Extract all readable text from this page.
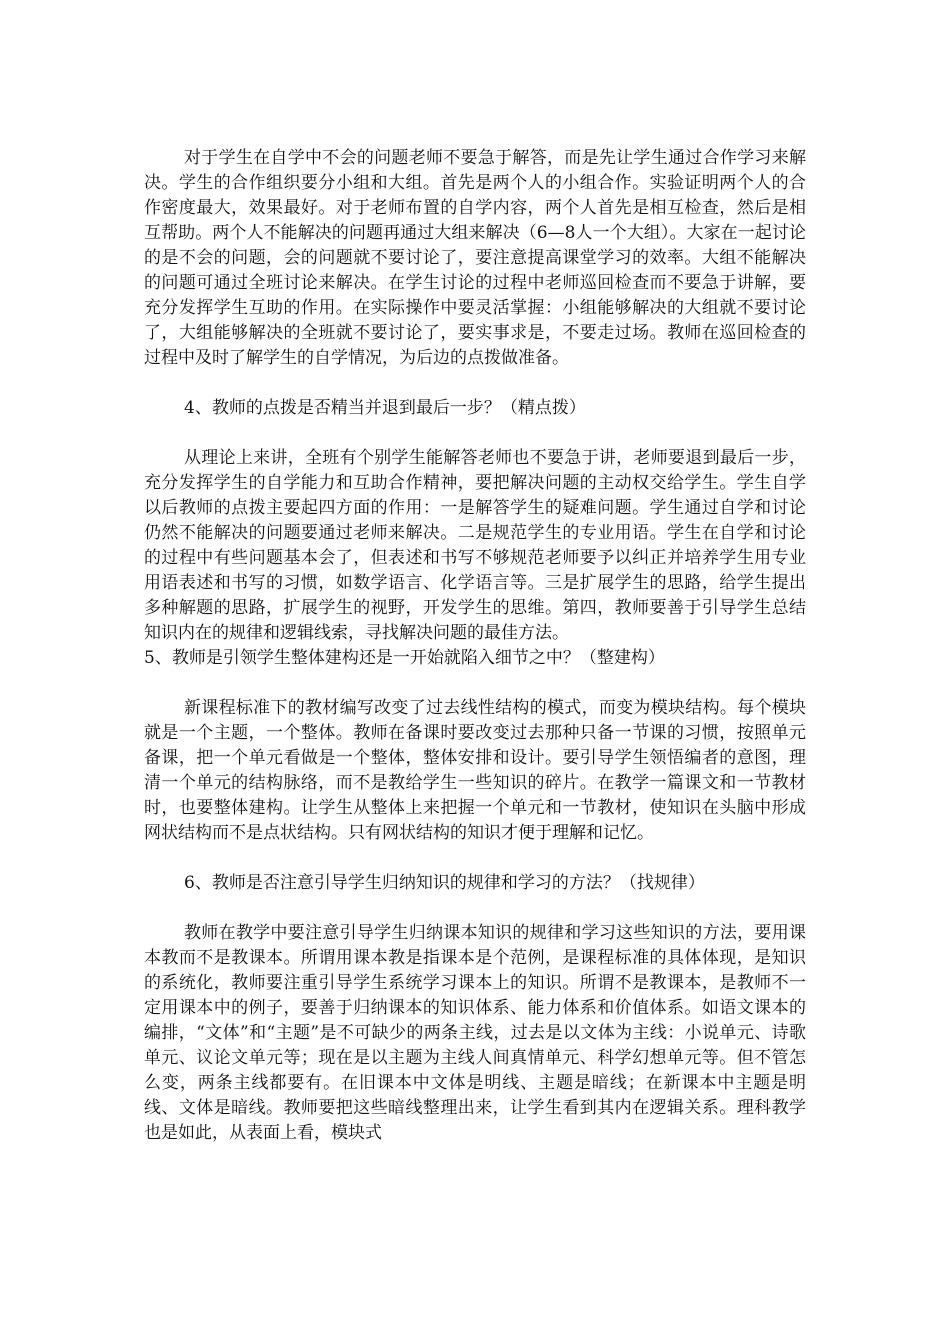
对于学生在自学中不会的问题老师不要急于解答，而是先让学生通过合作学习来解决。学生的合作组织要分小组和大组。首先是两个人的小组合作。实验证明两个人的合作密度最大，效果最好。对于老师布置的自学内容，两个人首先是相互检查，然后是相互帮助。两个人不能解决的问题再通过大组来解决（6—8人一个大组）。大家在一起讨论的是不会的问题，会的问题就不要讨论了，要注意提高课堂学习的效率。大组不能解决的问题可通过全班讨论来解决。在学生讨论的过程中老师巡回检查而不要急于讲解，要充分发挥学生互助的作用。在实际操作中要灵活掌握：小组能够解决的大组就不要讨论了，大组能够解决的全班就不要讨论了，要实事求是，不要走过场。教师在巡回检查的过程中及时了解学生的自学情况，为后边的点拨做准备。

4、教师的点拨是否精当并退到最后一步？（精点拨）

从理论上来讲，全班有个别学生能解答老师也不要急于讲，老师要退到最后一步，充分发挥学生的自学能力和互助合作精神，要把解决问题的主动权交给学生。学生自学以后教师的点拨主要起四方面的作用：一是解答学生的疑难问题。学生通过自学和讨论仍然不能解决的问题要通过老师来解决。二是规范学生的专业用语。学生在自学和讨论的过程中有些问题基本会了，但表述和书写不够规范老师要予以纠正并培养学生用专业用语表述和书写的习惯，如数学语言、化学语言等。三是扩展学生的思路，给学生提出多种解题的思路，扩展学生的视野，开发学生的思维。第四，教师要善于引导学生总结知识内在的规律和逻辑线索，寻找解决问题的最佳方法。

5、教师是引领学生整体建构还是一开始就陷入细节之中？（整建构）

新课程标准下的教材编写改变了过去线性结构的模式，而变为模块结构。每个模块就是一个主题，一个整体。教师在备课时要改变过去那种只备一节课的习惯，按照单元备课，把一个单元看做是一个整体，整体安排和设计。要引导学生领悟编者的意图，理清一个单元的结构脉络，而不是教给学生一些知识的碎片。在教学一篇课文和一节教材时，也要整体建构。让学生从整体上来把握一个单元和一节教材，使知识在头脑中形成网状结构而不是点状结构。只有网状结构的知识才便于理解和记忆。

6、教师是否注意引导学生归纳知识的规律和学习的方法？（找规律）

教师在教学中要注意引导学生归纳课本知识的规律和学习这些知识的方法，要用课本教而不是教课本。所谓用课本教是指课本是个范例，是课程标准的具体体现，是知识的系统化，教师要注重引导学生系统学习课本上的知识。所谓不是教课本，是教师不一定用课本中的例子，要善于归纳课本的知识体系、能力体系和价值体系。如语文课本的编排，“文体”和“主题”是不可缺少的两条主线，过去是以文体为主线：小说单元、诗歌单元、议论文单元等；现在是以主题为主线人间真情单元、科学幻想单元等。但不管怎么变，两条主线都要有。在旧课本中文体是明线、主题是暗线；在新课本中主题是明线、文体是暗线。教师要把这些暗线整理出来，让学生看到其内在逻辑关系。理科教学也是如此，从表面上看，模块式
